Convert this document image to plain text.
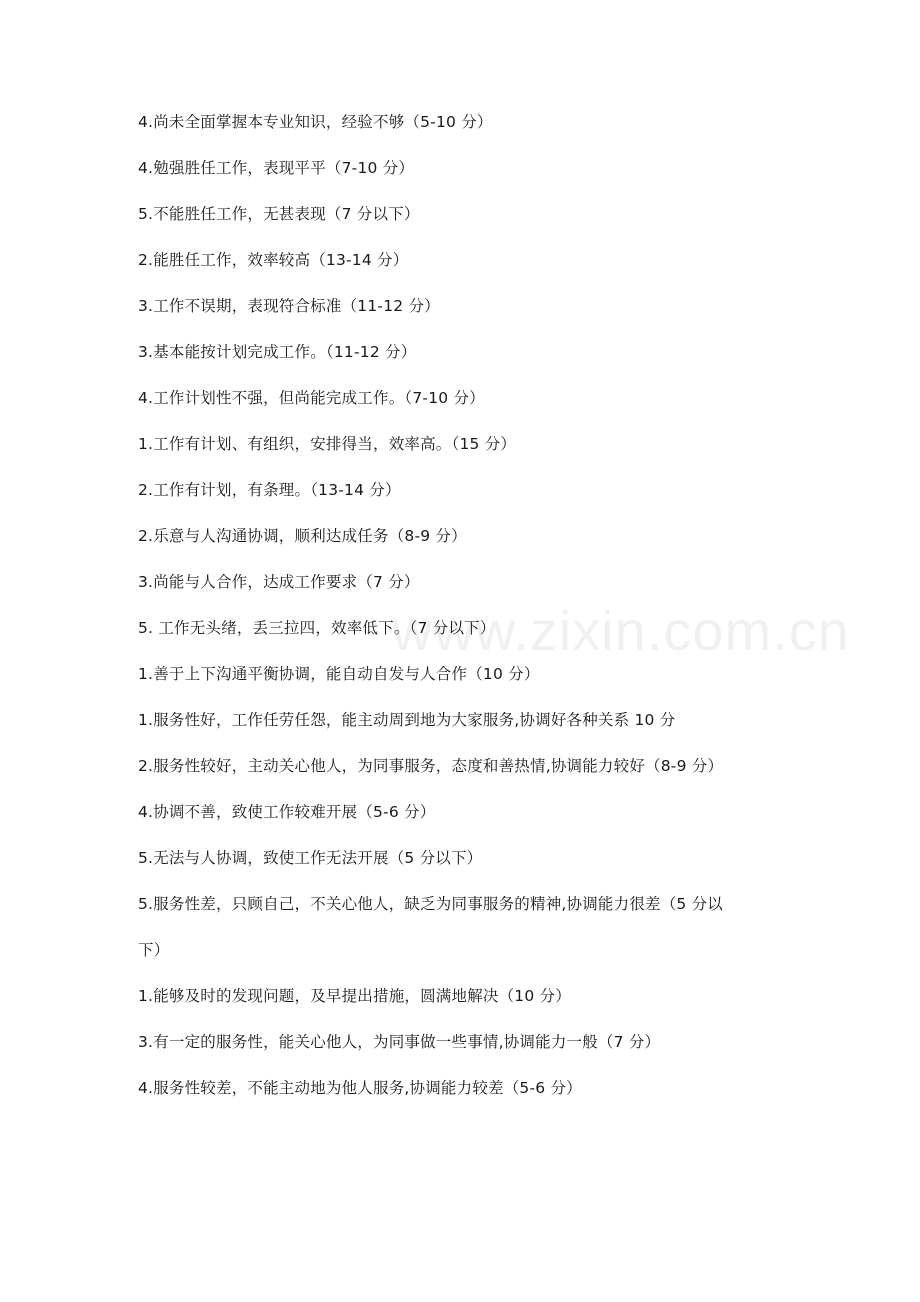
4.尚未全面掌握本专业知识，经验不够（5-10 分）

4.勉强胜任工作，表现平平（7-10 分）

5.不能胜任工作，无甚表现（7 分以下）

2.能胜任工作，效率较高（13-14 分）

3.工作不误期，表现符合标准（11-12 分）

3.基本能按计划完成工作。（11-12 分）

4.工作计划性不强，但尚能完成工作。（7-10 分）

1.工作有计划、有组织，安排得当，效率高。（15 分）

2.工作有计划，有条理。（13-14 分）

2.乐意与人沟通协调，顺利达成任务（8-9 分）

3.尚能与人合作，达成工作要求（7 分）

5. 工作无头绪，丢三拉四，效率低下。（7 分以下）

1.善于上下沟通平衡协调，能自动自发与人合作（10 分）

1.服务性好，工作任劳任怨，能主动周到地为大家服务,协调好各种关系 10 分

2.服务性较好，主动关心他人，为同事服务，态度和善热情,协调能力较好（8-9 分）

4.协调不善，致使工作较难开展（5-6 分）

5.无法与人协调，致使工作无法开展（5 分以下）

5.服务性差，只顾自己，不关心他人，缺乏为同事服务的精神,协调能力很差（5 分以

下）

1.能够及时的发现问题，及早提出措施，圆满地解决（10 分）

3.有一定的服务性，能关心他人，为同事做一些事情,协调能力一般（7 分）

4.服务性较差，不能主动地为他人服务,协调能力较差（5-6 分）

www.zixin.com.cn
